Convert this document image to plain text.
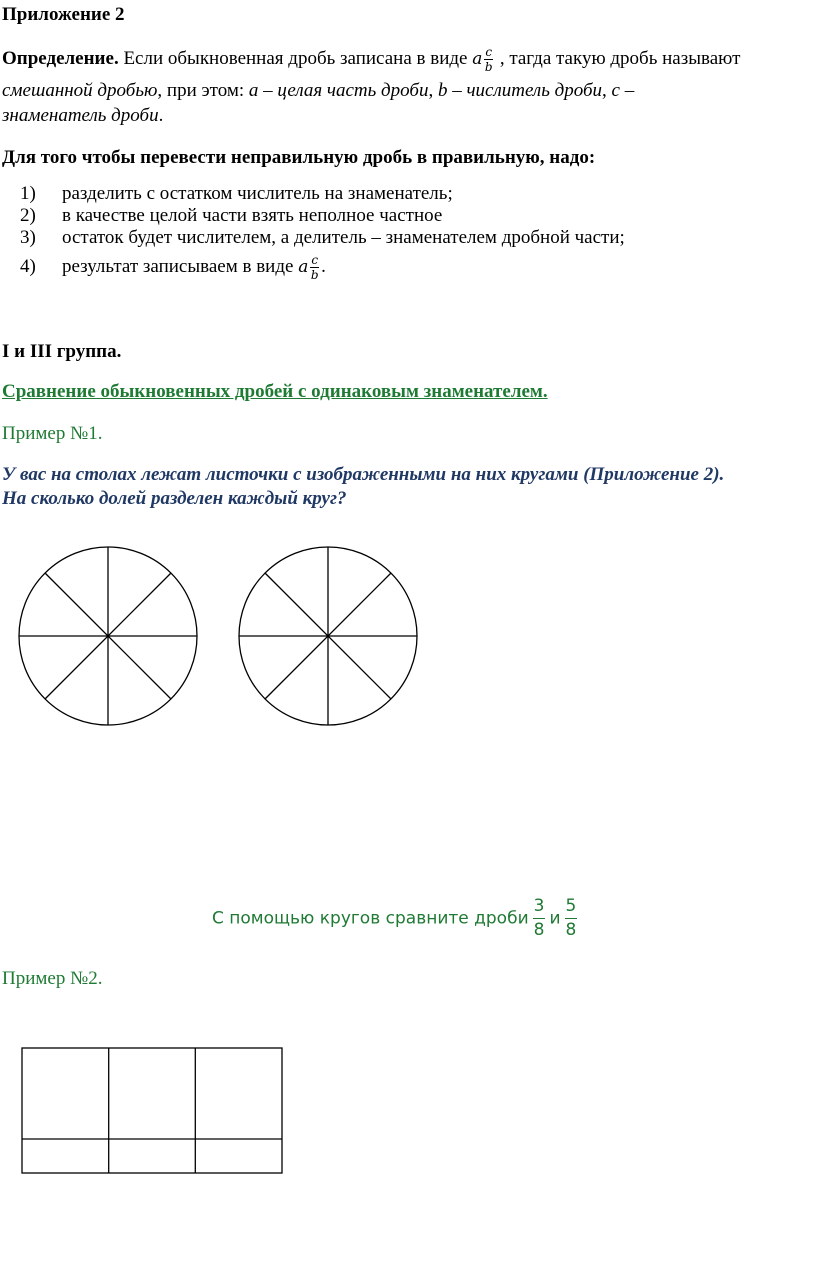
Приложение 2
Определение. Если обыкновенная дробь записана в виде a $\frac{c}{b}$ , тагда такую дробь называют
смешанной дробью, при этом: a – целая часть дроби, b – числитель дроби, c –
знаменатель дроби.
Для того чтобы перевести неправильную дробь в правильную, надо:
1) разделить с остатком числитель на знаменатель;
2) в качестве целой части взять неполное частное
3) остаток будет числителем, а делитель – знаменателем дробной части;
4) результат записываем в виде a $\frac{c}{b}$ .
I и III группа.
Сравнение обыкновенных дробей с одинаковым знаменателем.
Пример №1.
У вас на столах лежат листочки с изображенными на них кругами (Приложение 2).
На сколько долей разделен каждый круг?
С помощью кругов сравните дроби $\frac{3}{8}$ и $\frac{5}{8}$
Пример №2.
